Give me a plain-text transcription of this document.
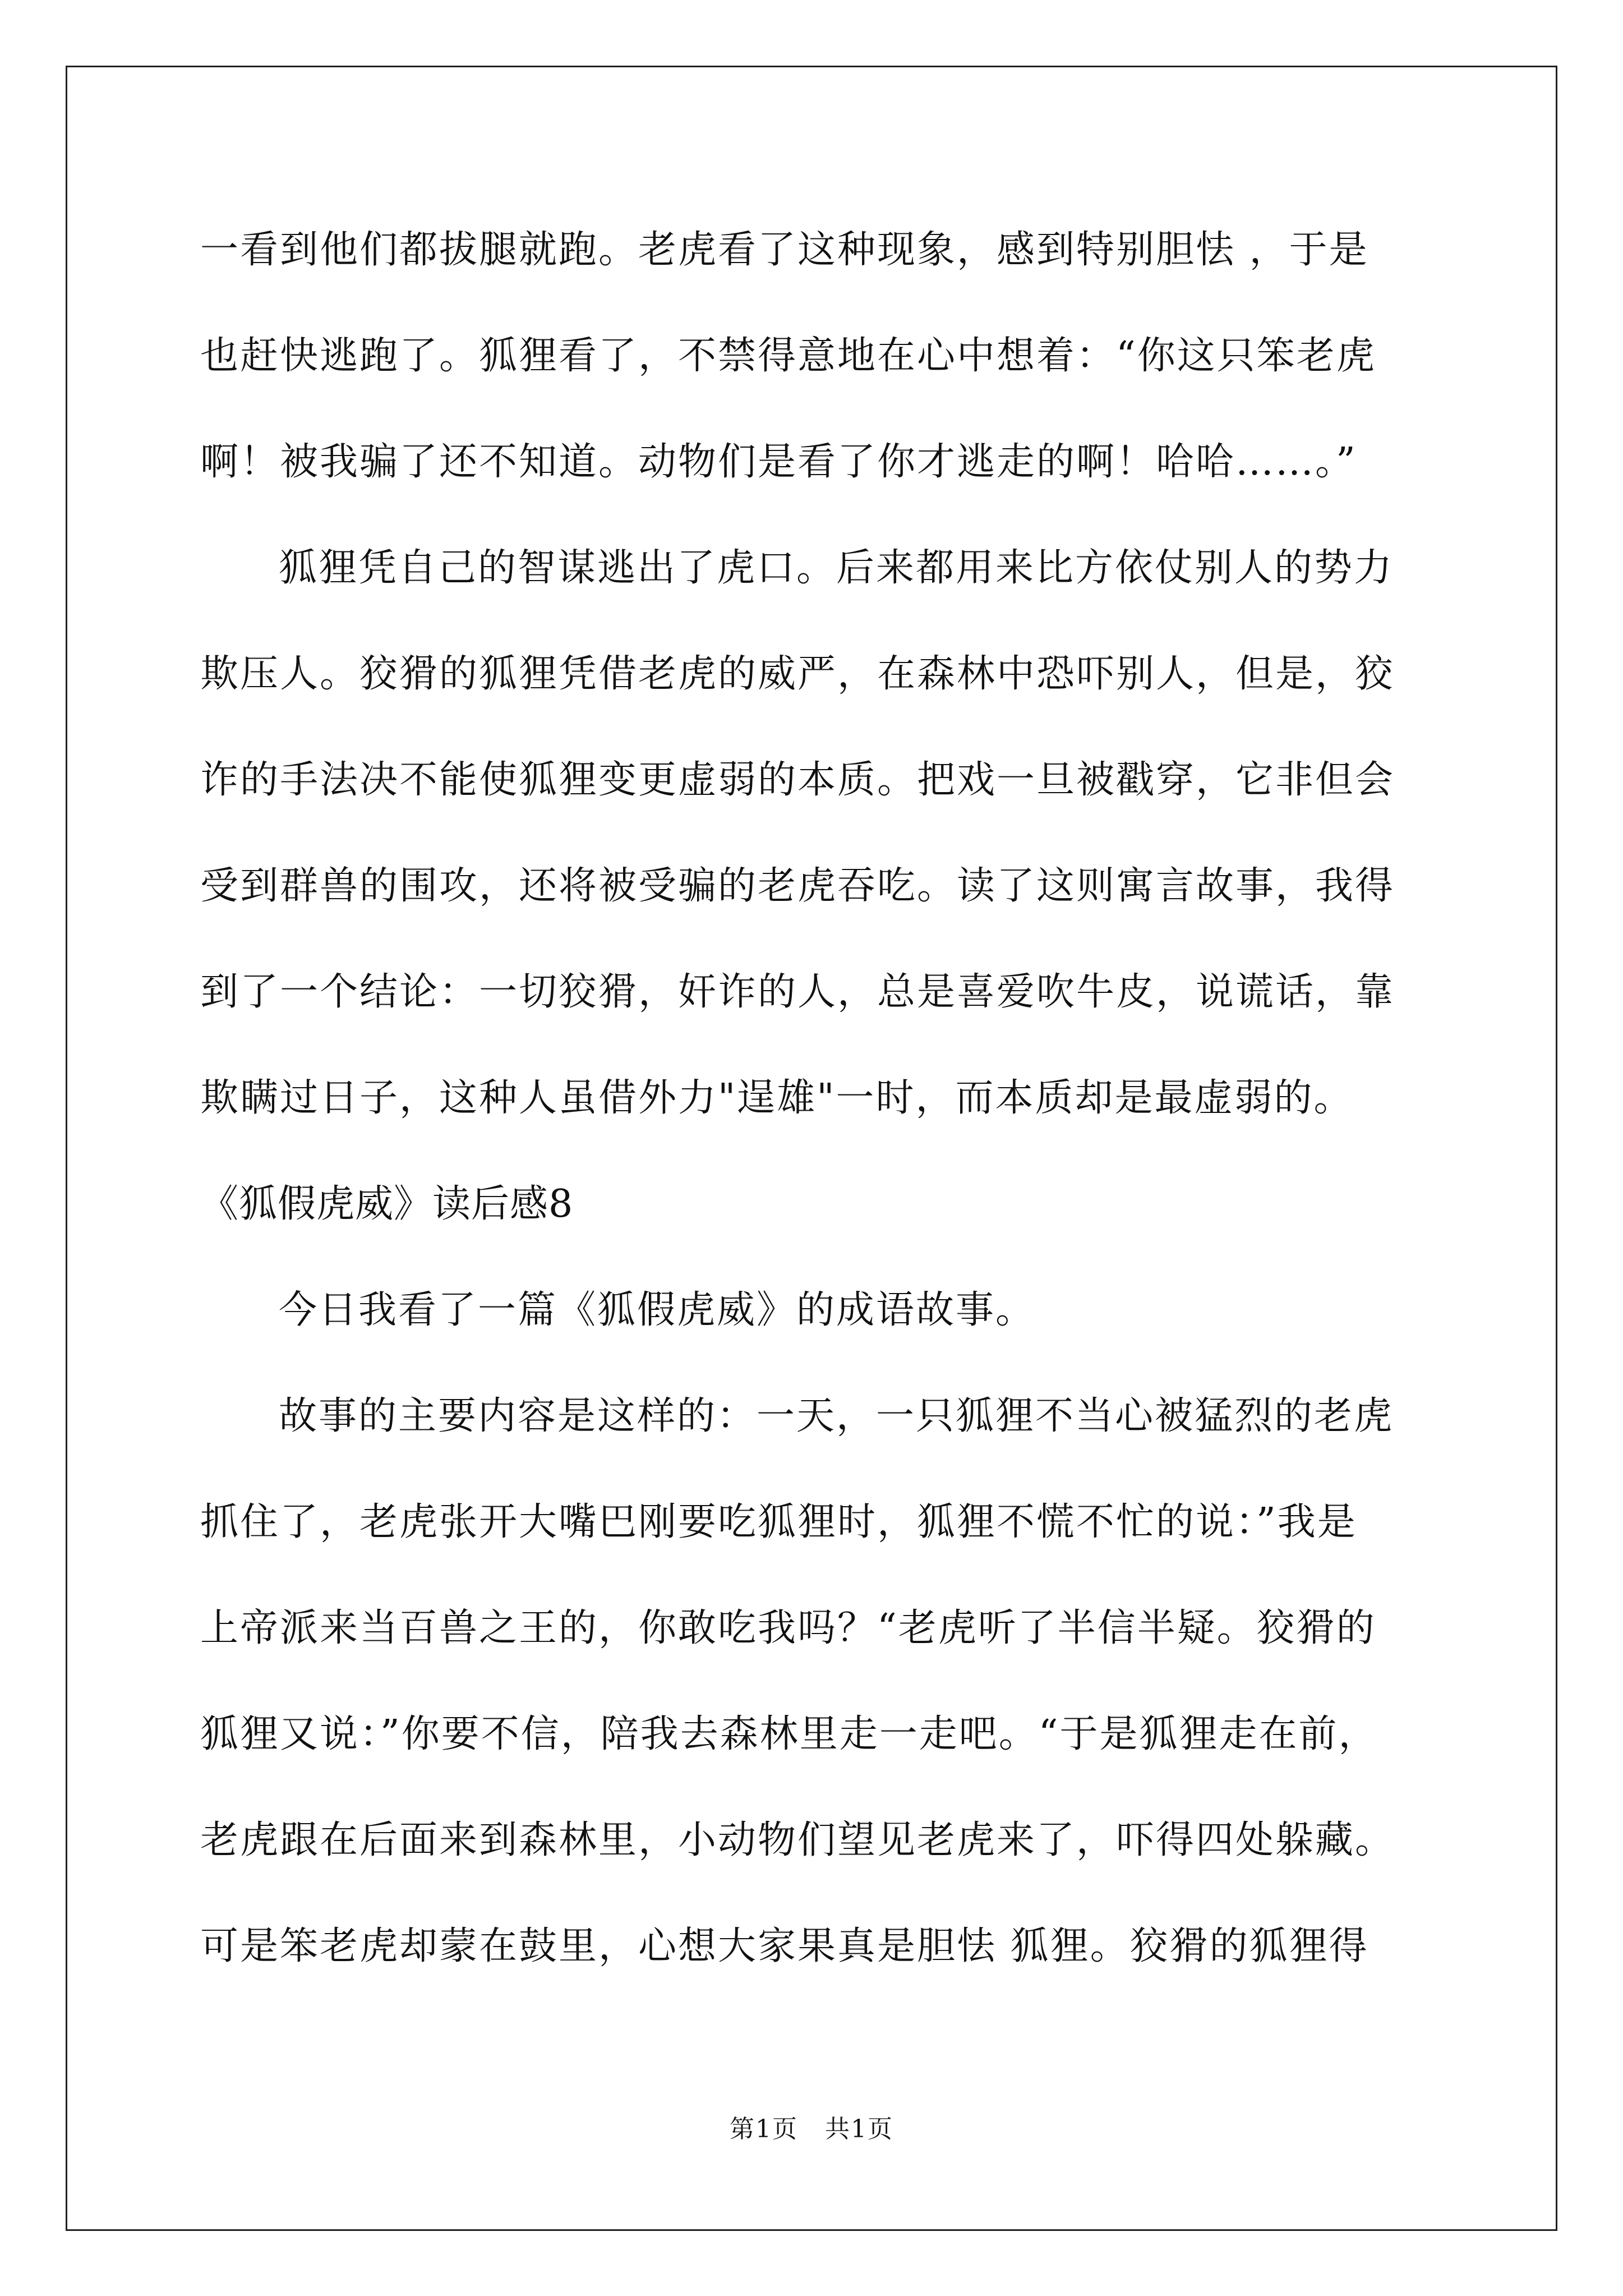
一看到他们都拔腿就跑。老虎看了这种现象，感到特别胆怯 ，于是
也赶快逃跑了。狐狸看了，不禁得意地在心中想着：“你这只笨老虎
啊！被我骗了还不知道。动物们是看了你才逃走的啊！哈哈……。”
狐狸凭自己的智谋逃出了虎口。后来都用来比方依仗别人的势力
欺压人。狡猾的狐狸凭借老虎的威严，在森林中恐吓别人，但是，狡
诈的手法决不能使狐狸变更虚弱的本质。把戏一旦被戳穿，它非但会
受到群兽的围攻，还将被受骗的老虎吞吃。读了这则寓言故事，我得
到了一个结论：一切狡猾，奸诈的人，总是喜爱吹牛皮，说谎话，靠
欺瞒过日子，这种人虽借外力"逞雄"一时，而本质却是最虚弱的。
《狐假虎威》读后感8
今日我看了一篇《狐假虎威》的成语故事。
故事的主要内容是这样的：一天，一只狐狸不当心被猛烈的老虎
抓住了，老虎张开大嘴巴刚要吃狐狸时，狐狸不慌不忙的说：”我是
上帝派来当百兽之王的，你敢吃我吗？“老虎听了半信半疑。狡猾的
狐狸又说：”你要不信，陪我去森林里走一走吧。“于是狐狸走在前，
老虎跟在后面来到森林里，小动物们望见老虎来了，吓得四处躲藏。
可是笨老虎却蒙在鼓里，心想大家果真是胆怯 狐狸。狡猾的狐狸得
第1页   共1页
